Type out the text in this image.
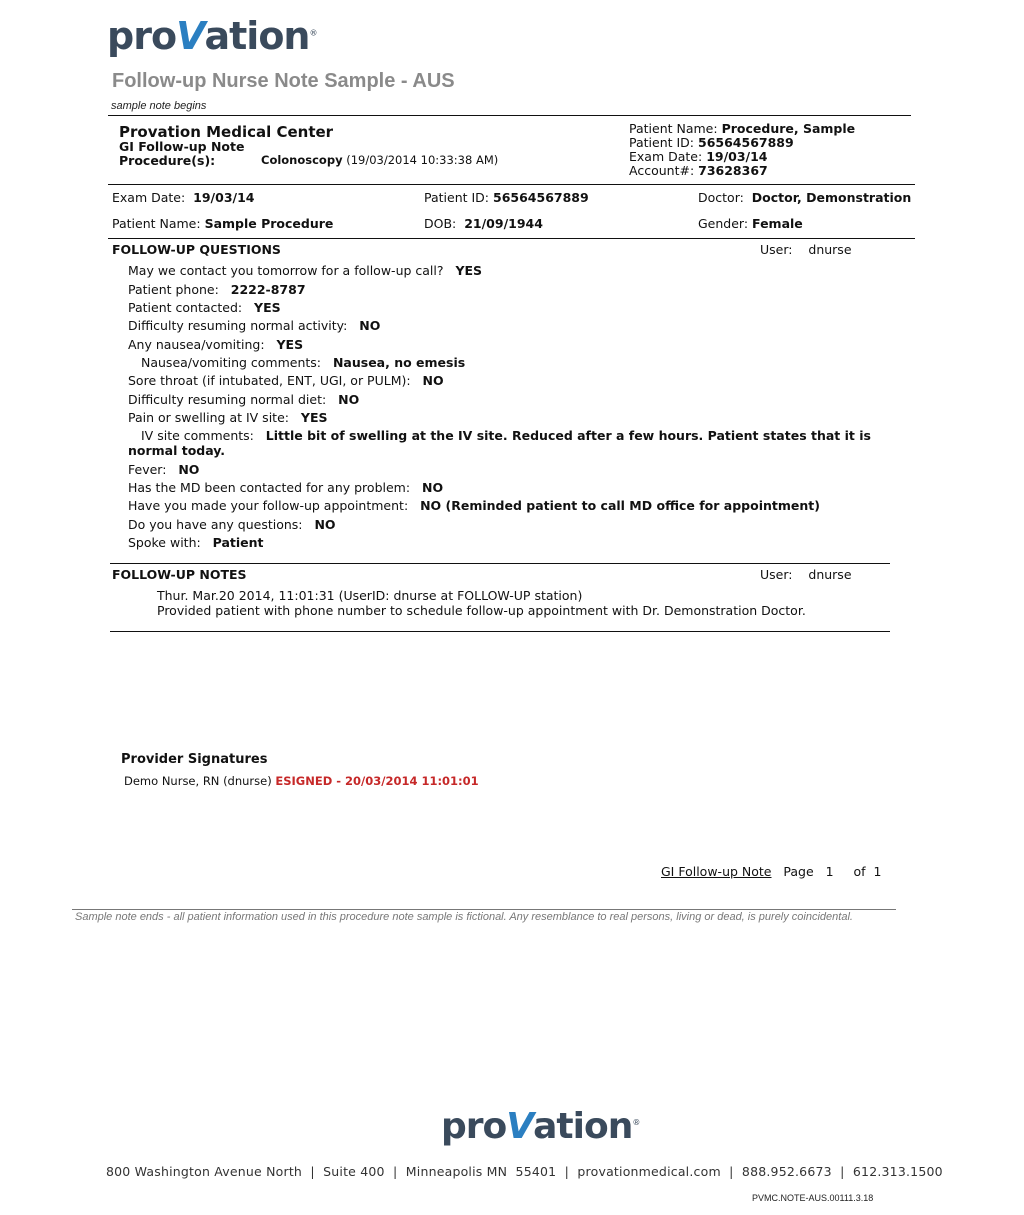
proVation®
Follow-up Nurse Note Sample - AUS
sample note begins
Provation Medical Center
GI Follow-up Note
Procedure(s):	Colonoscopy (19/03/2014 10:33:38 AM)
Patient Name: Procedure, Sample
Patient ID: 56564567889
Exam Date: 19/03/14
Account#: 73628367
Exam Date: 19/03/14	Patient ID: 56564567889	Doctor: Doctor, Demonstration
Patient Name: Sample Procedure	DOB: 21/09/1944	Gender: Female
FOLLOW-UP QUESTIONS	User: dnurse
May we contact you tomorrow for a follow-up call? YES
Patient phone: 2222-8787
Patient contacted: YES
Difficulty resuming normal activity: NO
Any nausea/vomiting: YES
Nausea/vomiting comments: Nausea, no emesis
Sore throat (if intubated, ENT, UGI, or PULM): NO
Difficulty resuming normal diet: NO
Pain or swelling at IV site: YES
IV site comments: Little bit of swelling at the IV site. Reduced after a few hours. Patient states that it is
normal today.
Fever: NO
Has the MD been contacted for any problem: NO
Have you made your follow-up appointment: NO (Reminded patient to call MD office for appointment)
Do you have any questions: NO
Spoke with: Patient
FOLLOW-UP NOTES	User: dnurse
Thur. Mar.20 2014, 11:01:31 (UserID: dnurse at FOLLOW-UP station)
Provided patient with phone number to schedule follow-up appointment with Dr. Demonstration Doctor.
Provider Signatures
Demo Nurse, RN (dnurse) ESIGNED - 20/03/2014 11:01:01
GI Follow-up Note Page 1 of 1
Sample note ends - all patient information used in this procedure note sample is fictional. Any resemblance to real persons, living or dead, is purely coincidental.
proVation®
800 Washington Avenue North  |  Suite 400  |  Minneapolis MN  55401  |  provationmedical.com  |  888.952.6673  |  612.313.1500
PVMC.NOTE-AUS.00111.3.18
